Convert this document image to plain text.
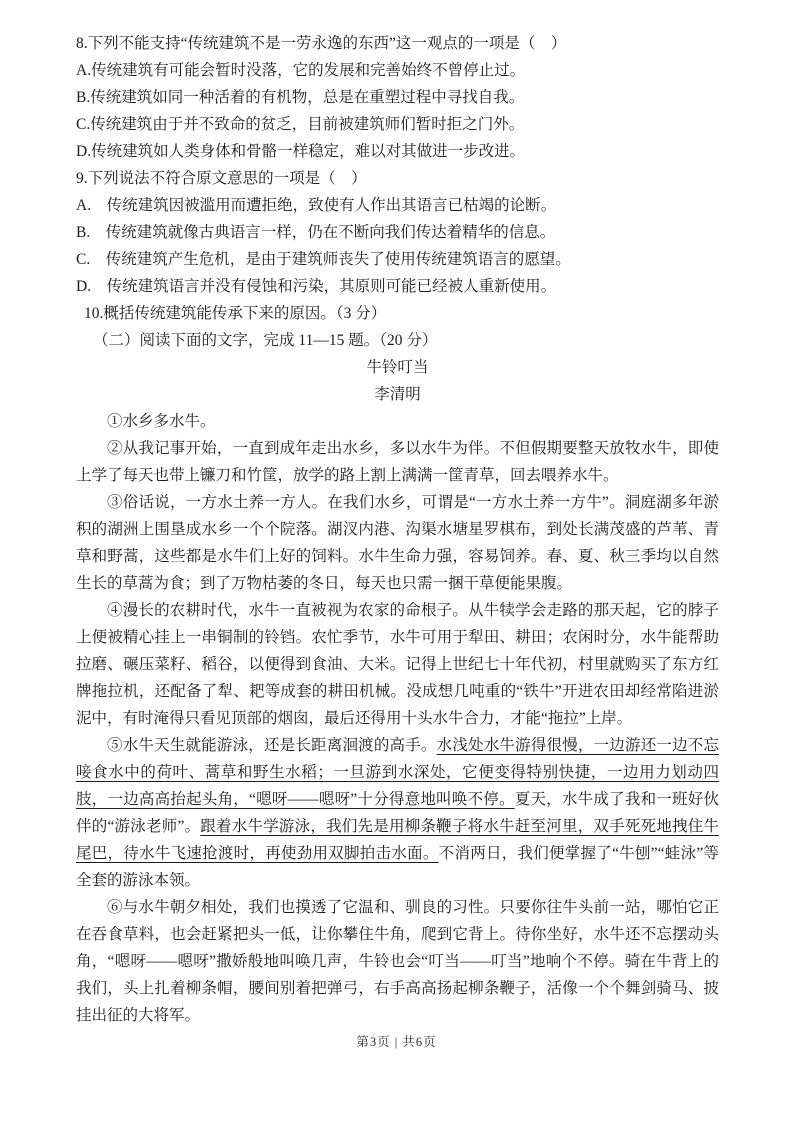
8.下列不能支持“传统建筑不是一劳永逸的东西”这一观点的一项是（　）

A.传统建筑有可能会暂时没落，它的发展和完善始终不曾停止过。

B.传统建筑如同一种活着的有机物，总是在重塑过程中寻找自我。

C.传统建筑由于并不致命的贫乏，目前被建筑师们暂时拒之门外。

D.传统建筑如人类身体和骨骼一样稳定，难以对其做进一步改进。

9.下列说法不符合原文意思的一项是（　）

A.　传统建筑因被滥用而遭拒绝，致使有人作出其语言已枯竭的论断。

B.　传统建筑就像古典语言一样，仍在不断向我们传达着精华的信息。

C.　传统建筑产生危机，是由于建筑师丧失了使用传统建筑语言的愿望。

D.　传统建筑语言并没有侵蚀和污染，其原则可能已经被人重新使用。

10.概括传统建筑能传承下来的原因。（3 分）

（二）阅读下面的文字，完成 11—15 题。（20 分）

牛铃叮当

李清明

①水乡多水牛。

②从我记事开始，一直到成年走出水乡，多以水牛为伴。不但假期要整天放牧水牛，即使上学了每天也带上镰刀和竹筐，放学的路上割上满满一筐青草，回去喂养水牛。

③俗话说，一方水土养一方人。在我们水乡，可谓是“一方水土养一方牛”。洞庭湖多年淤积的湖洲上围垦成水乡一个个院落。湖汊内港、沟渠水塘星罗棋布，到处长满茂盛的芦苇、青草和野蒿，这些都是水牛们上好的饲料。水牛生命力强，容易饲养。春、夏、秋三季均以自然生长的草蒿为食；到了万物枯萎的冬日，每天也只需一捆干草便能果腹。

④漫长的农耕时代，水牛一直被视为农家的命根子。从牛犊学会走路的那天起，它的脖子上便被精心挂上一串铜制的铃铛。农忙季节，水牛可用于犁田、耕田；农闲时分，水牛能帮助拉磨、碾压菜籽、稻谷，以便得到食油、大米。记得上世纪七十年代初，村里就购买了东方红牌拖拉机，还配备了犁、耙等成套的耕田机械。没成想几吨重的“铁牛”开进农田却经常陷进淤泥中，有时淹得只看见顶部的烟囱，最后还得用十头水牛合力，才能“拖拉”上岸。

⑤水牛天生就能游泳，还是长距离洄渡的高手。水浅处水牛游得很慢，一边游还一边不忘唼食水中的荷叶、蒿草和野生水稻；一旦游到水深处，它便变得特别快捷，一边用力划动四肢，一边高高抬起头角，“嗯呀——嗯呀”十分得意地叫唤不停。夏天，水牛成了我和一班好伙伴的“游泳老师”。跟着水牛学游泳，我们先是用柳条鞭子将水牛赶至河里，双手死死地拽住牛尾巴，待水牛飞速抢渡时，再使劲用双脚拍击水面。不消两日，我们便掌握了“牛刨”“蛙泳”等全套的游泳本领。

⑥与水牛朝夕相处，我们也摸透了它温和、驯良的习性。只要你往牛头前一站，哪怕它正在吞食草料，也会赶紧把头一低，让你攀住牛角，爬到它背上。待你坐好，水牛还不忘摆动头角，“嗯呀——嗯呀”撒娇般地叫唤几声，牛铃也会“叮当——叮当”地响个不停。骑在牛背上的我们，头上扎着柳条帽，腰间别着把弹弓，右手高高扬起柳条鞭子，活像一个个舞剑骑马、披挂出征的大将军。

第3页 | 共6页
